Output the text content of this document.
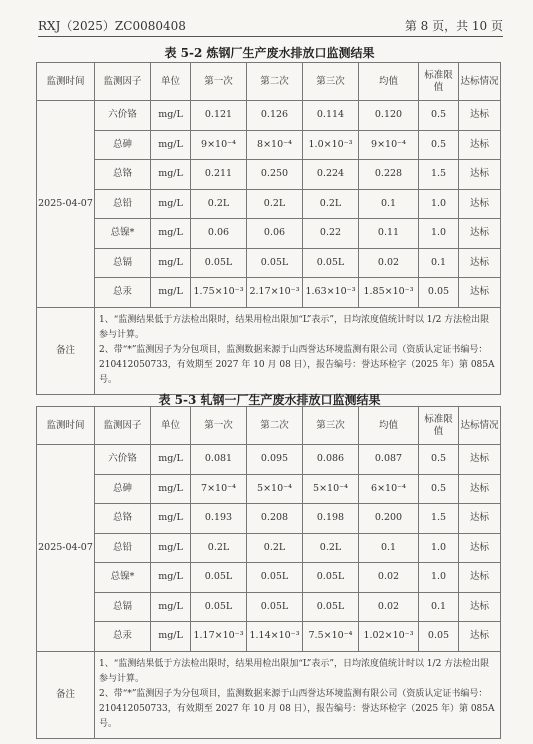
RXJ（2025）ZC0080408	第 8 页，共 10 页
表 5-2 炼钢厂生产废水排放口监测结果
监测时间	监测因子	单位	第一次	第二次	第三次	均值	标准限值	达标情况
2025-04-07	六价铬	mg/L	0.121	0.126	0.114	0.120	0.5	达标
	总砷	mg/L	9×10⁻⁴	8×10⁻⁴	1.0×10⁻³	9×10⁻⁴	0.5	达标
	总铬	mg/L	0.211	0.250	0.224	0.228	1.5	达标
	总铅	mg/L	0.2L	0.2L	0.2L	0.1	1.0	达标
	总镍*	mg/L	0.06	0.06	0.22	0.11	1.0	达标
	总镉	mg/L	0.05L	0.05L	0.05L	0.02	0.1	达标
	总汞	mg/L	1.75×10⁻³	2.17×10⁻³	1.63×10⁻³	1.85×10⁻³	0.05	达标
备注	1、“监测结果低于方法检出限时，结果用检出限加“L”表示”，日均浓度值统计时以 1/2 方法检出限参与计算。

2、带“*”监测因子为分包项目，监测数据来源于山西誉达环境监测有限公司（资质认定证书编号：210412050733，有效期至 2027 年 10 月 08 日），报告编号：誉达环检字（2025 年）第 085A 号。							

表 5-3 轧钢一厂生产废水排放口监测结果
监测时间	监测因子	单位	第一次	第二次	第三次	均值	标准限值	达标情况
2025-04-07	六价铬	mg/L	0.081	0.095	0.086	0.087	0.5	达标
	总砷	mg/L	7×10⁻⁴	5×10⁻⁴	5×10⁻⁴	6×10⁻⁴	0.5	达标
	总铬	mg/L	0.193	0.208	0.198	0.200	1.5	达标
	总铅	mg/L	0.2L	0.2L	0.2L	0.1	1.0	达标
	总镍*	mg/L	0.05L	0.05L	0.05L	0.02	1.0	达标
	总镉	mg/L	0.05L	0.05L	0.05L	0.02	0.1	达标
	总汞	mg/L	1.17×10⁻³	1.14×10⁻³	7.5×10⁻⁴	1.02×10⁻³	0.05	达标
备注	1、“监测结果低于方法检出限时，结果用检出限加“L”表示”，日均浓度值统计时以 1/2 方法检出限参与计算。

2、带“*”监测因子为分包项目，监测数据来源于山西誉达环境监测有限公司（资质认定证书编号：210412050733，有效期至 2027 年 10 月 08 日），报告编号：誉达环检字（2025 年）第 085A 号。							
